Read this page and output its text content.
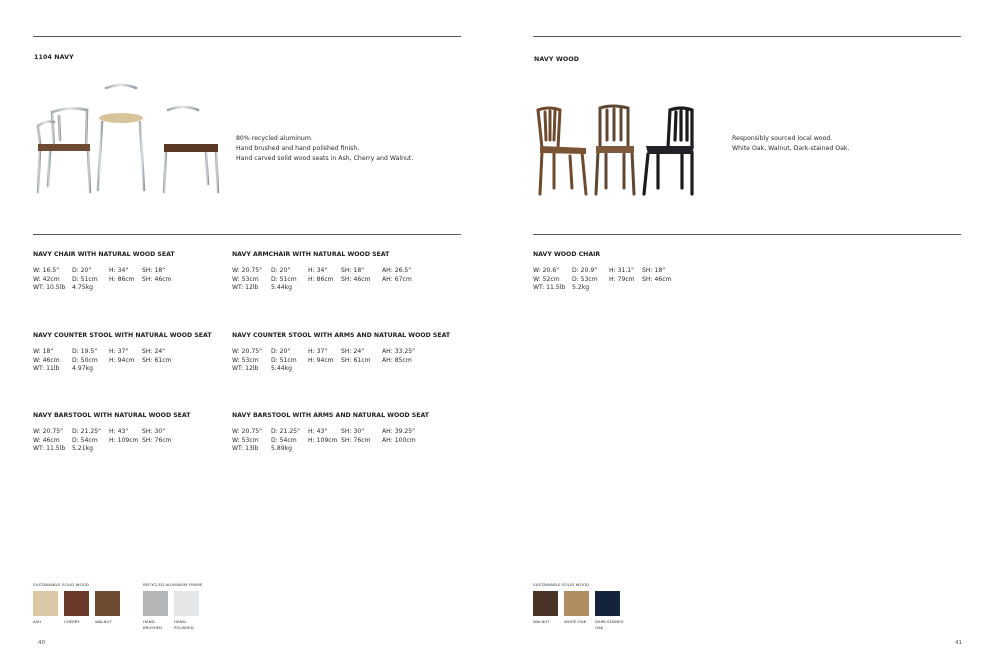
1104 NAVY
80% recycled aluminum.
Hand brushed and hand polished finish.
Hand carved solid wood seats in Ash, Cherry and Walnut.
NAVY CHAIR WITH NATURAL WOOD SEAT
W: 16.5" D: 20"	H: 34" SH: 18"
W: 42cm D: 51cm H: 86cm SH: 46cm
WT: 10.5lb 4.75kg
NAVY ARMCHAIR WITH NATURAL WOOD SEAT
W: 20.75" D: 20"	H: 34" SH: 18"	AH: 26.5"
W: 53cm D: 51cm H: 86cm SH: 46cm AH: 67cm
WT: 12lb 5.44kg
NAVY COUNTER STOOL WITH NATURAL WOOD SEAT
W: 18"	D: 19.5" H: 37" SH: 24"
W: 46cm D: 50cm H: 94cm SH: 61cm
WT: 11lb 4.97kg
NAVY COUNTER STOOL WITH ARMS AND NATURAL WOOD SEAT
W: 20.75" D: 20"	H: 37" SH: 24"	AH: 33.25"
W: 53cm D: 51cm H: 94cm SH: 61cm AH: 85cm
WT: 12lb 5.44kg
NAVY BARSTOOL WITH NATURAL WOOD SEAT
W: 20.75" D: 21.25" H: 43" SH: 30"
W: 46cm D: 54cm H: 109cm SH: 76cm
WT: 11.5lb 5.21kg
NAVY BARSTOOL WITH ARMS AND NATURAL WOOD SEAT
W: 20.75" D: 21.25" H: 43" SH: 30"	AH: 39.25"
W: 53cm D: 54cm H: 109cm SH: 76cm AH: 100cm
WT: 13lb 5.89kg
NAVY WOOD
Responsibly sourced local wood.
White Oak, Walnut, Dark-stained Oak.
NAVY WOOD CHAIR
W: 20.6" D: 20.9" H: 31.1" SH: 18"
W: 52cm D: 53cm H: 79cm SH: 46cm
WT: 11.5lb 5.2kg
SUSTAINABLE SOLID WOOD
ASH	CHERRY	WALNUT
RECYCLED ALUMINUM FRAME
HAND-
BRUSHED
HAND-
POLISHED
SUSTAINABLE SOLID WOOD
WALNUT	WHITE OAK	DARK-STAINED
OAK
40	41
